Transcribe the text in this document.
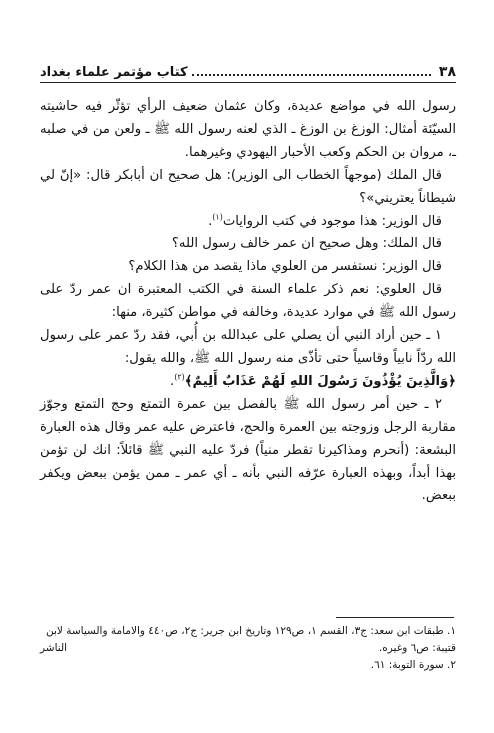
٣٨
كتاب مؤتمر علماء بغداد

رسول الله في مواضع عديدة، وكان عثمان ضعيف الرأي تؤثّر فيه حاشيته السيّئة أمثال: الوزغ بن الوزغ ـ الذي لعنه رسول الله ﷺ ـ ولعن من في صلبه ـ، مروان بن الحكم وكعب الأحبار اليهودي وغيرهما.

قال الملك (موجهاً الخطاب الى الوزير): هل صحيح ان أبابكر قال: «إنّ لي شيطاناً يعتريني»؟

قال الوزير: هذا موجود في كتب الروايات$^{(١)}$.

قال الملك: وهل صحيح ان عمر خالف رسول الله؟

قال الوزير: نستفسر من العلوي ماذا يقصد من هذا الكلام؟

قال العلوي: نعم ذكر علماء السنة في الكتب المعتبرة ان عمر ردّ على رسول الله ﷺ في موارد عديدة، وخالفه في مواطن كثيرة، منها:

١ ـ حين أراد النبي أن يصلي على عبدالله بن أُبي، فقد ردّ عمر على رسول الله ردّاً نابياً وقاسياً حتى تأذّى منه رسول الله ﷺ، والله يقول:

﴿وَالَّذِينَ يُؤْذُونَ رَسُولَ اللهِ لَهُمْ عَذَابٌ أَلِيمٌ﴾$^{(٢)}$.

٢ ـ حين أمر رسول الله ﷺ بالفصل بين عمرة التمتع وحج التمتع وجوّز مقاربة الرجل وزوجته بين العمرة والحج، فاعترض عليه عمر وقال هذه العبارة البشعة: (أنحرم ومذاكيرنا تقطر منياً) فردّ عليه النبي ﷺ قائلاً: انك لن تؤمن بهذا أبداً، وبهذه العبارة عرّفه النبي بأنه ـ أي عمر ـ ممن يؤمن ببعض ويكفر ببعض.

١. طبقات ابن سعد: ج٣، القسم ١، ص١٢٩ وتاريخ ابن جرير: ج٢، ص٤٤٠ والامامة والسياسة لابن قتيبة: ص٦ وغيره.
الناشر

٢. سورة التوبة: ٦١.
